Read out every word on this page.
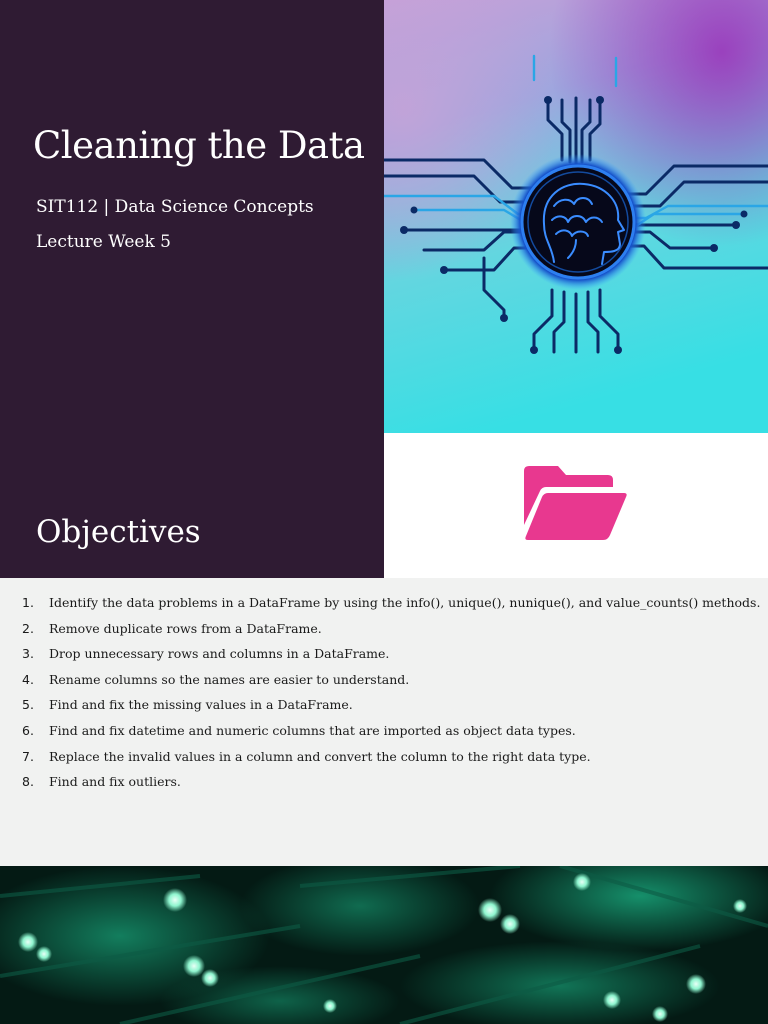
Cleaning the Data

SIT112 | Data Science Concepts

Lecture Week 5

Objectives
1. Identify the data problems in a DataFrame by using the info(), unique(), nunique(), and value_counts() methods.
2. Remove duplicate rows from a DataFrame.
3. Drop unnecessary rows and columns in a DataFrame.
4. Rename columns so the names are easier to understand.
5. Find and fix the missing values in a DataFrame.
6. Find and fix datetime and numeric columns that are imported as object data types.
7. Replace the invalid values in a column and convert the column to the right data type.
8. Find and fix outliers.
